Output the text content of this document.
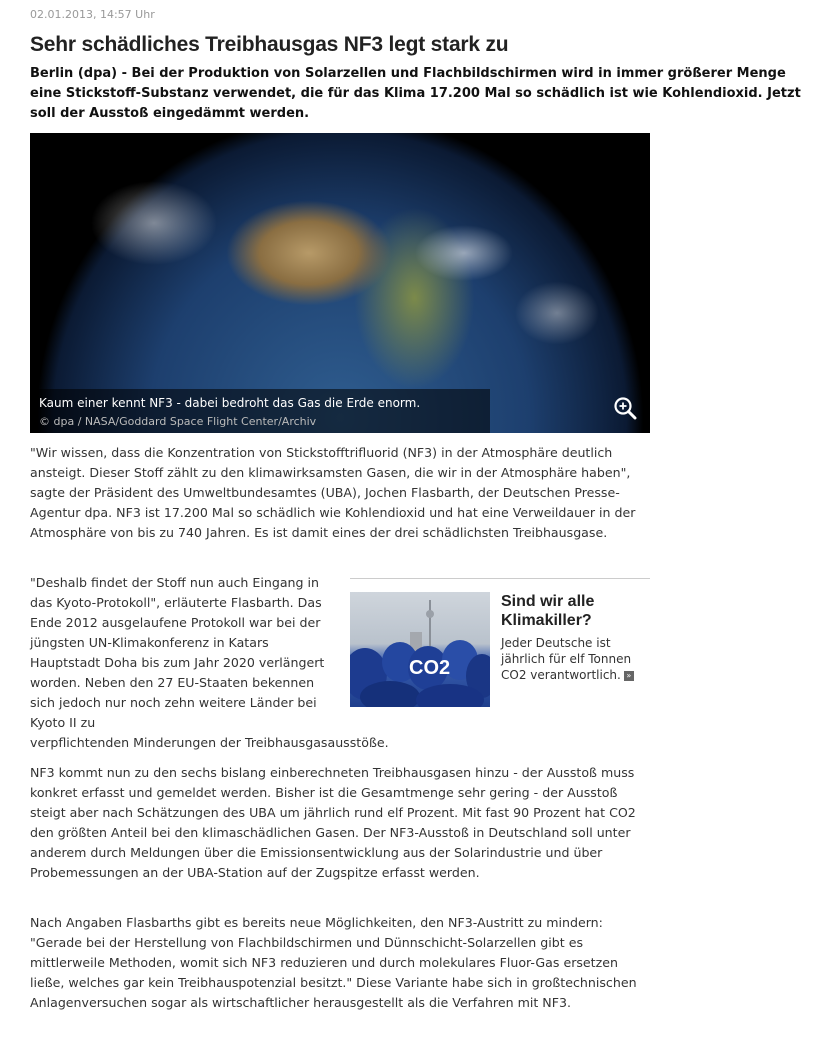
02.01.2013, 14:57 Uhr
Sehr schädliches Treibhausgas NF3 legt stark zu

Berlin (dpa) - Bei der Produktion von Solarzellen und Flachbildschirmen wird in immer größerer Menge eine Stickstoff-Substanz verwendet, die für das Klima 17.200 Mal so schädlich ist wie Kohlendioxid. Jetzt soll der Ausstoß eingedämmt werden.

Kaum einer kennt NF3 - dabei bedroht das Gas die Erde enorm.
© dpa / NASA/Goddard Space Flight Center/Archiv

"Wir wissen, dass die Konzentration von Stickstofftrifluorid (NF3) in der Atmosphäre deutlich ansteigt. Dieser Stoff zählt zu den klimawirksamsten Gasen, die wir in der Atmosphäre haben", sagte der Präsident des Umweltbundesamtes (UBA), Jochen Flasbarth, der Deutschen Presse-Agentur dpa. NF3 ist 17.200 Mal so schädlich wie Kohlendioxid und hat eine Verweildauer in der Atmosphäre von bis zu 740 Jahren. Es ist damit eines der drei schädlichsten Treibhausgase.

"Deshalb findet der Stoff nun auch Eingang in das Kyoto-Protokoll", erläuterte Flasbarth. Das Ende 2012 ausgelaufene Protokoll war bei der jüngsten UN-Klimakonferenz in Katars Hauptstadt Doha bis zum Jahr 2020 verlängert worden. Neben den 27 EU-Staaten bekennen sich jedoch nur noch zehn weitere Länder bei Kyoto II zu

CO2
Sind wir alle Klimakiller?

Jeder Deutsche ist jährlich für elf Tonnen CO2 verantwortlich. »

verpflichtenden Minderungen der Treibhausgasausstöße.

NF3 kommt nun zu den sechs bislang einberechneten Treibhausgasen hinzu - der Ausstoß muss konkret erfasst und gemeldet werden. Bisher ist die Gesamtmenge sehr gering - der Ausstoß steigt aber nach Schätzungen des UBA um jährlich rund elf Prozent. Mit fast 90 Prozent hat CO2 den größten Anteil bei den klimaschädlichen Gasen. Der NF3-Ausstoß in Deutschland soll unter anderem durch Meldungen über die Emissionsentwicklung aus der Solarindustrie und über Probemessungen an der UBA-Station auf der Zugspitze erfasst werden.

Nach Angaben Flasbarths gibt es bereits neue Möglichkeiten, den NF3-Austritt zu mindern: "Gerade bei der Herstellung von Flachbildschirmen und Dünnschicht-Solarzellen gibt es mittlerweile Methoden, womit sich NF3 reduzieren und durch molekulares Fluor-Gas ersetzen ließe, welches gar kein Treibhauspotenzial besitzt." Diese Variante habe sich in großtechnischen Anlagenversuchen sogar als wirtschaftlicher herausgestellt als die Verfahren mit NF3.
